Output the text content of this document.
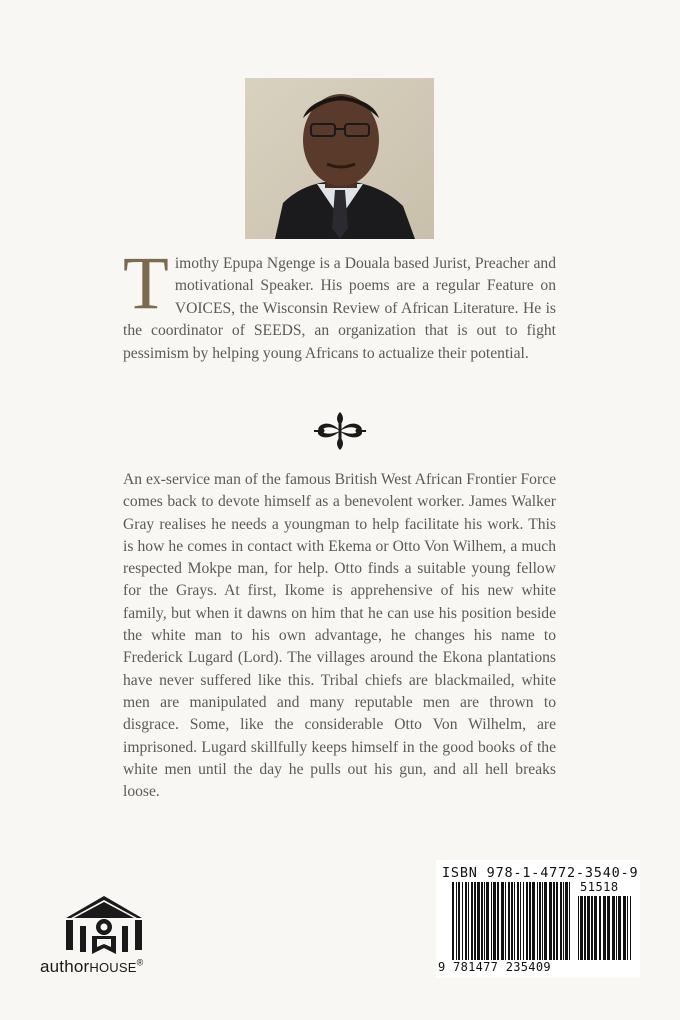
Timothy Epupa Ngenge is a Douala based Jurist, Preacher and motivational Speaker. His poems are a regular Feature on VOICES, the Wisconsin Review of African Literature. He is the coordinator of SEEDS, an organization that is out to fight pessimism by helping young Africans to actualize their potential.
An ex-service man of the famous British West African Frontier Force comes back to devote himself as a benevolent worker. James Walker Gray realises he needs a youngman to help facilitate his work. This is how he comes in contact with Ekema or Otto Von Wilhem, a much respected Mokpe man, for help. Otto finds a suitable young fellow for the Grays. At first, Ikome is apprehensive of his new white family, but when it dawns on him that he can use his position beside the white man to his own advantage, he changes his name to Frederick Lugard (Lord). The villages around the Ekona plantations have never suffered like this. Tribal chiefs are blackmailed, white men are manipulated and many reputable men are thrown to disgrace. Some, like the considerable Otto Von Wilhelm, are imprisoned. Lugard skillfully keeps himself in the good books of the white men until the day he pulls out his gun, and all hell breaks loose.
authorHOUSE®
ISBN 978-1-4772-3540-9
51518
9 781477 235409
